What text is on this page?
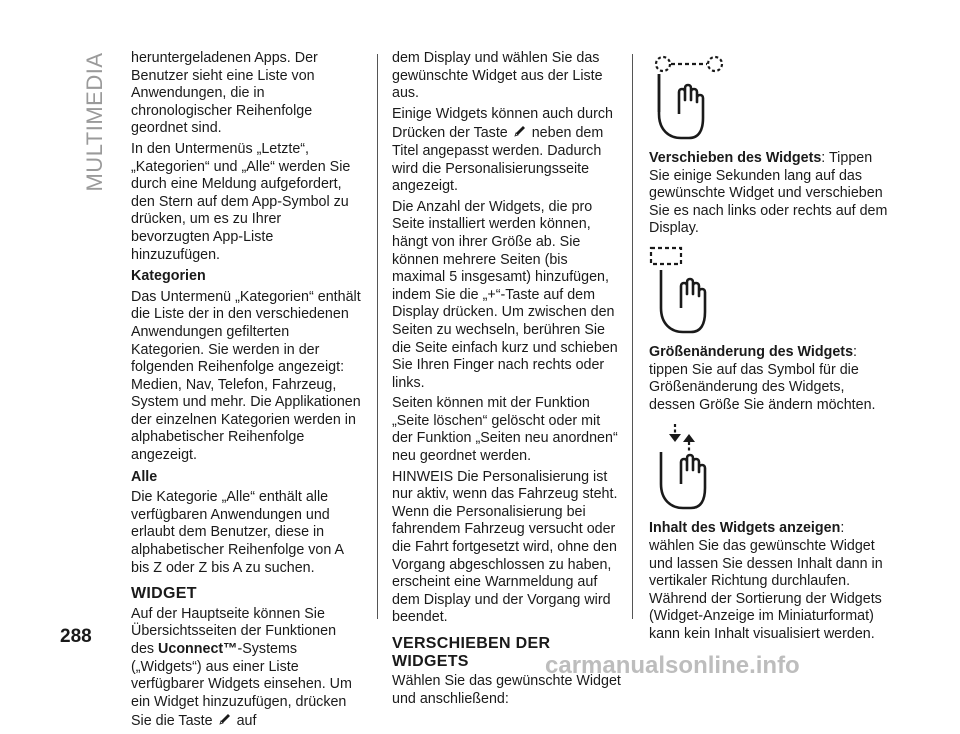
MULTIMEDIA heruntergeladenen Apps. Der Benutzer sieht eine Liste von Anwendungen, die in chronologischer Reihenfolge geordnet sind.

In den Untermenüs „Letzte“, „Kategorien“ und „Alle“ werden Sie durch eine Meldung aufgefordert, den Stern auf dem App-Symbol zu drücken, um es zu Ihrer bevorzugten App-Liste hinzuzufügen.

Kategorien

Das Untermenü „Kategorien“ enthält die Liste der in den verschiedenen Anwendungen gefilterten Kategorien. Sie werden in der folgenden Reihenfolge angezeigt: Medien, Nav, Telefon, Fahrzeug, System und mehr. Die Applikationen der einzelnen Kategorien werden in alphabetischer Reihenfolge angezeigt.

Alle

Die Kategorie „Alle“ enthält alle verfügbaren Anwendungen und erlaubt dem Benutzer, diese in alphabetischer Reihenfolge von A bis Z oder Z bis A zu suchen.

WIDGET

Auf der Hauptseite können Sie Übersichtsseiten der Funktionen des Uconnect™-Systems („Widgets“) aus einer Liste verfügbarer Widgets einsehen. Um ein Widget hinzuzufügen, drücken Sie die Taste auf

dem Display und wählen Sie das gewünschte Widget aus der Liste aus.

Einige Widgets können auch durch Drücken der Taste neben dem Titel angepasst werden. Dadurch wird die Personalisierungsseite angezeigt.

Die Anzahl der Widgets, die pro Seite installiert werden können, hängt von ihrer Größe ab. Sie können mehrere Seiten (bis maximal 5 insgesamt) hinzufügen, indem Sie die „+“-Taste auf dem Display drücken. Um zwischen den Seiten zu wechseln, berühren Sie die Seite einfach kurz und schieben Sie Ihren Finger nach rechts oder links.

Seiten können mit der Funktion „Seite löschen“ gelöscht oder mit der Funktion „Seiten neu anordnen“ neu geordnet werden.

HINWEIS Die Personalisierung ist nur aktiv, wenn das Fahrzeug steht. Wenn die Personalisierung bei fahrendem Fahrzeug versucht oder die Fahrt fortgesetzt wird, ohne den Vorgang abgeschlossen zu haben, erscheint eine Warnmeldung auf dem Display und der Vorgang wird beendet.

VERSCHIEBEN DER WIDGETS

Wählen Sie das gewünschte Widget und anschließend:

Verschieben des Widgets: Tippen Sie einige Sekunden lang auf das gewünschte Widget und verschieben Sie es nach links oder rechts auf dem Display.

Größenänderung des Widgets: tippen Sie auf das Symbol für die Größenänderung des Widgets, dessen Größe Sie ändern möchten.

Inhalt des Widgets anzeigen: wählen Sie das gewünschte Widget und lassen Sie dessen Inhalt dann in vertikaler Richtung durchlaufen. Während der Sortierung der Widgets (Widget-Anzeige im Miniaturformat) kann kein Inhalt visualisiert werden.

288
carmanualsonline.info
